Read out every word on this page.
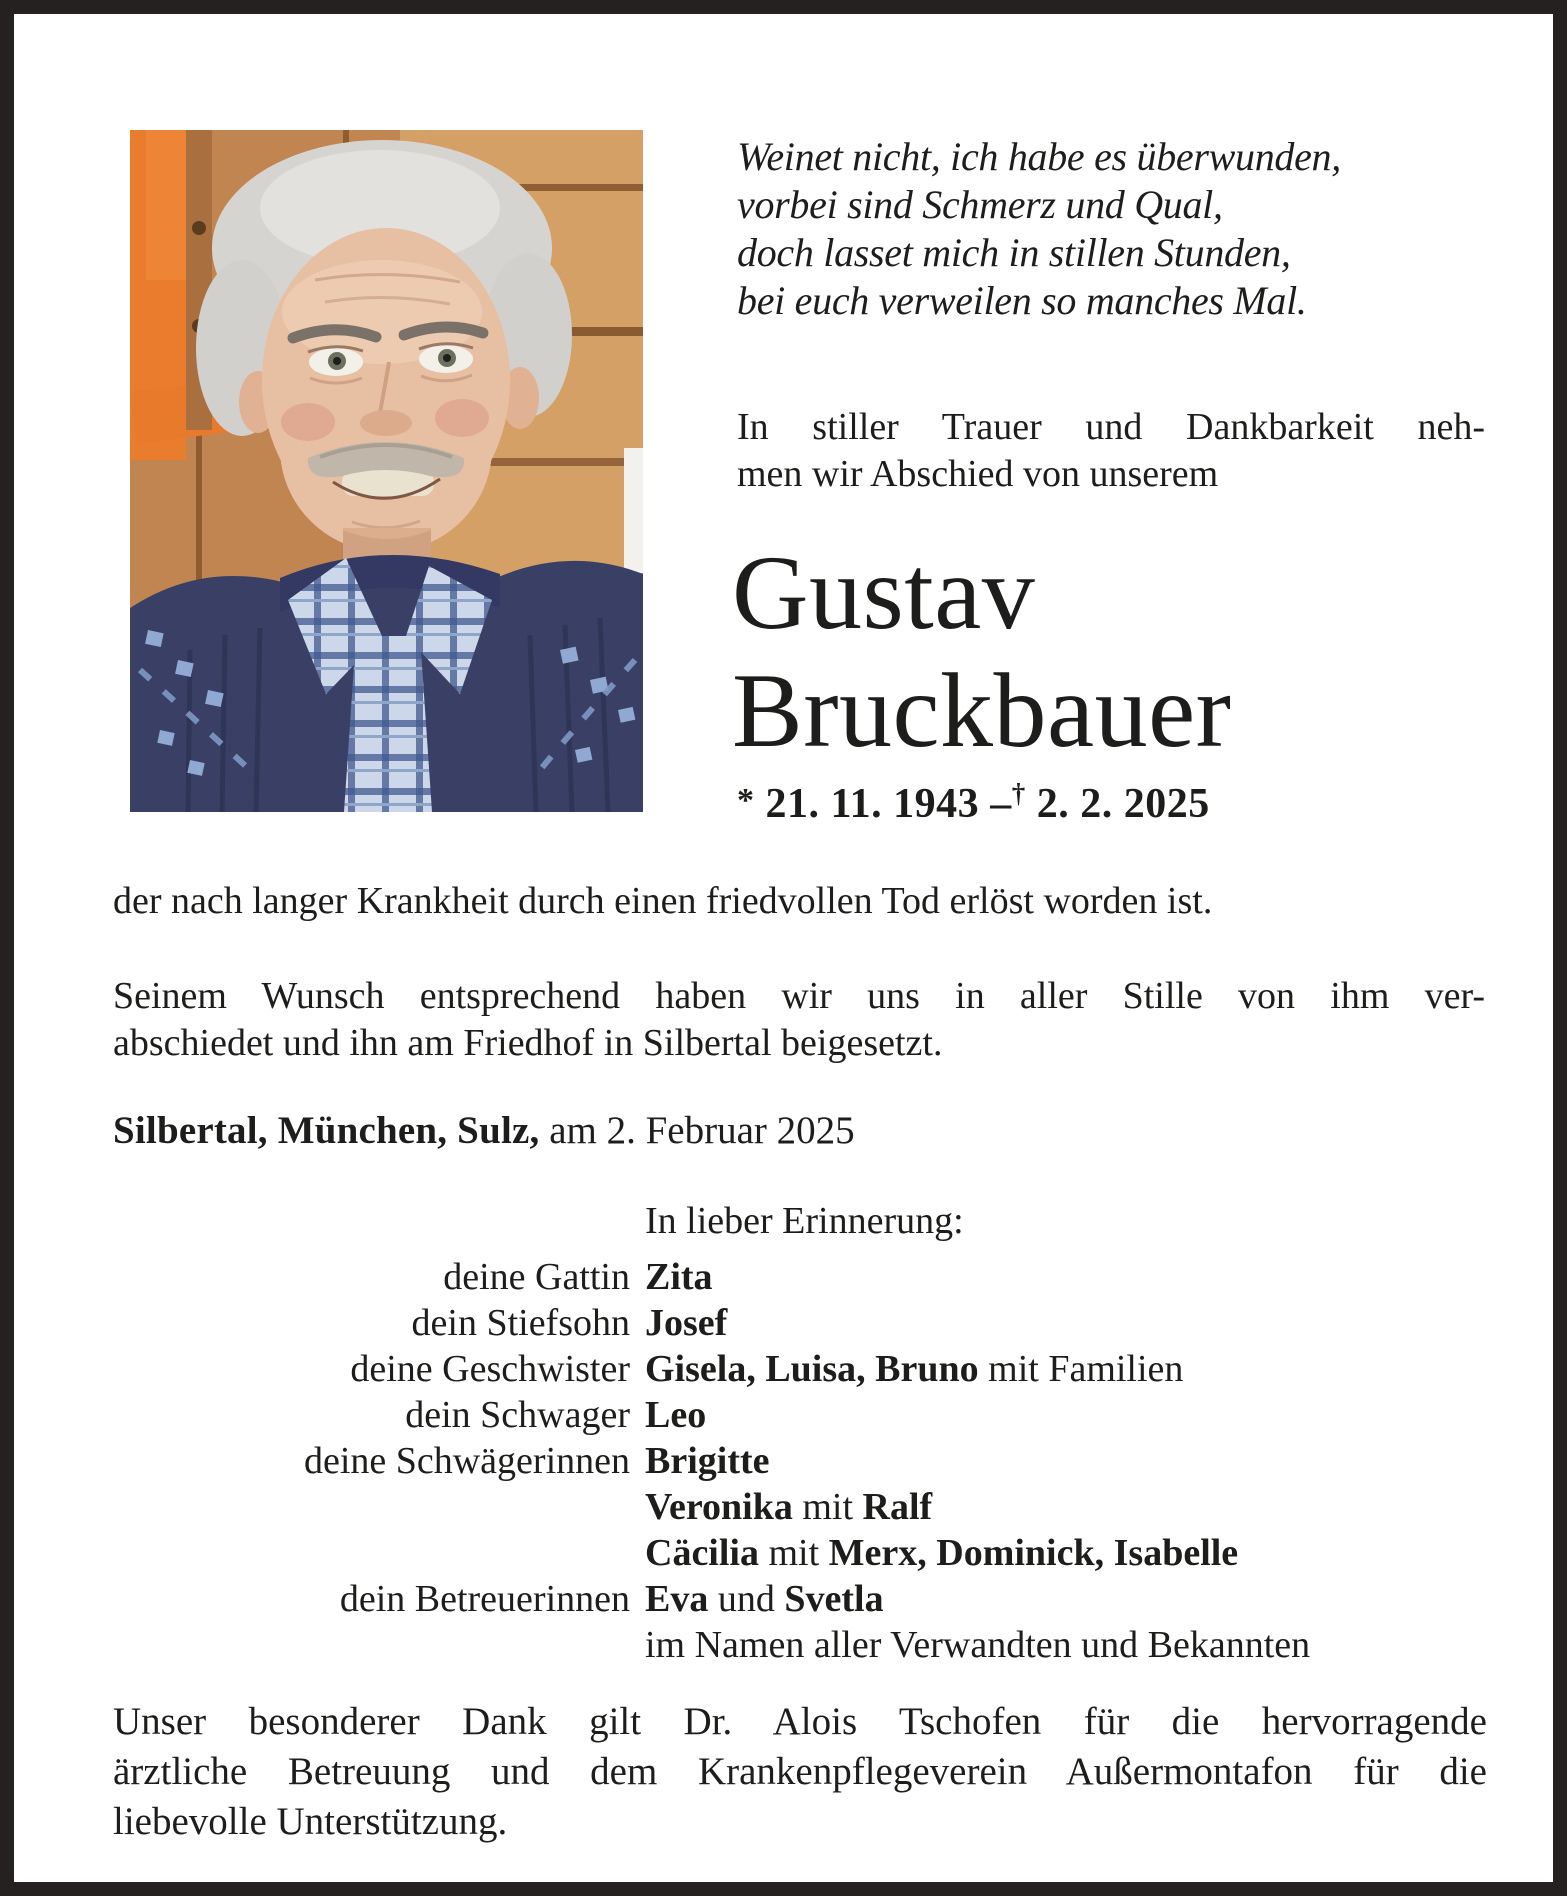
Weinet nicht, ich habe es überwunden,
vorbei sind Schmerz und Qual,
doch lasset mich in stillen Stunden,
bei euch verweilen so manches Mal.
In stiller Trauer und Dankbarkeit neh-
men wir Abschied von unserem
Gustav
Bruckbauer
* 21. 11. 1943 –† 2. 2. 2025
der nach langer Krankheit durch einen friedvollen Tod erlöst worden ist.
Seinem Wunsch entsprechend haben wir uns in aller Stille von ihm ver-
abschiedet und ihn am Friedhof in Silbertal beigesetzt.
Silbertal, München, Sulz, am 2. Februar 2025
In lieber Erinnerung:
deine Gattin Zita
dein Stiefsohn Josef
deine Geschwister Gisela, Luisa, Bruno mit Familien
dein Schwager Leo
deine Schwägerinnen Brigitte
Veronika mit Ralf
Cäcilia mit Merx, Dominick, Isabelle
dein Betreuerinnen Eva und Svetla
im Namen aller Verwandten und Bekannten
Unser besonderer Dank gilt Dr. Alois Tschofen für die hervorragende
ärztliche Betreuung und dem Krankenpflegeverein Außermontafon für die
liebevolle Unterstützung.
